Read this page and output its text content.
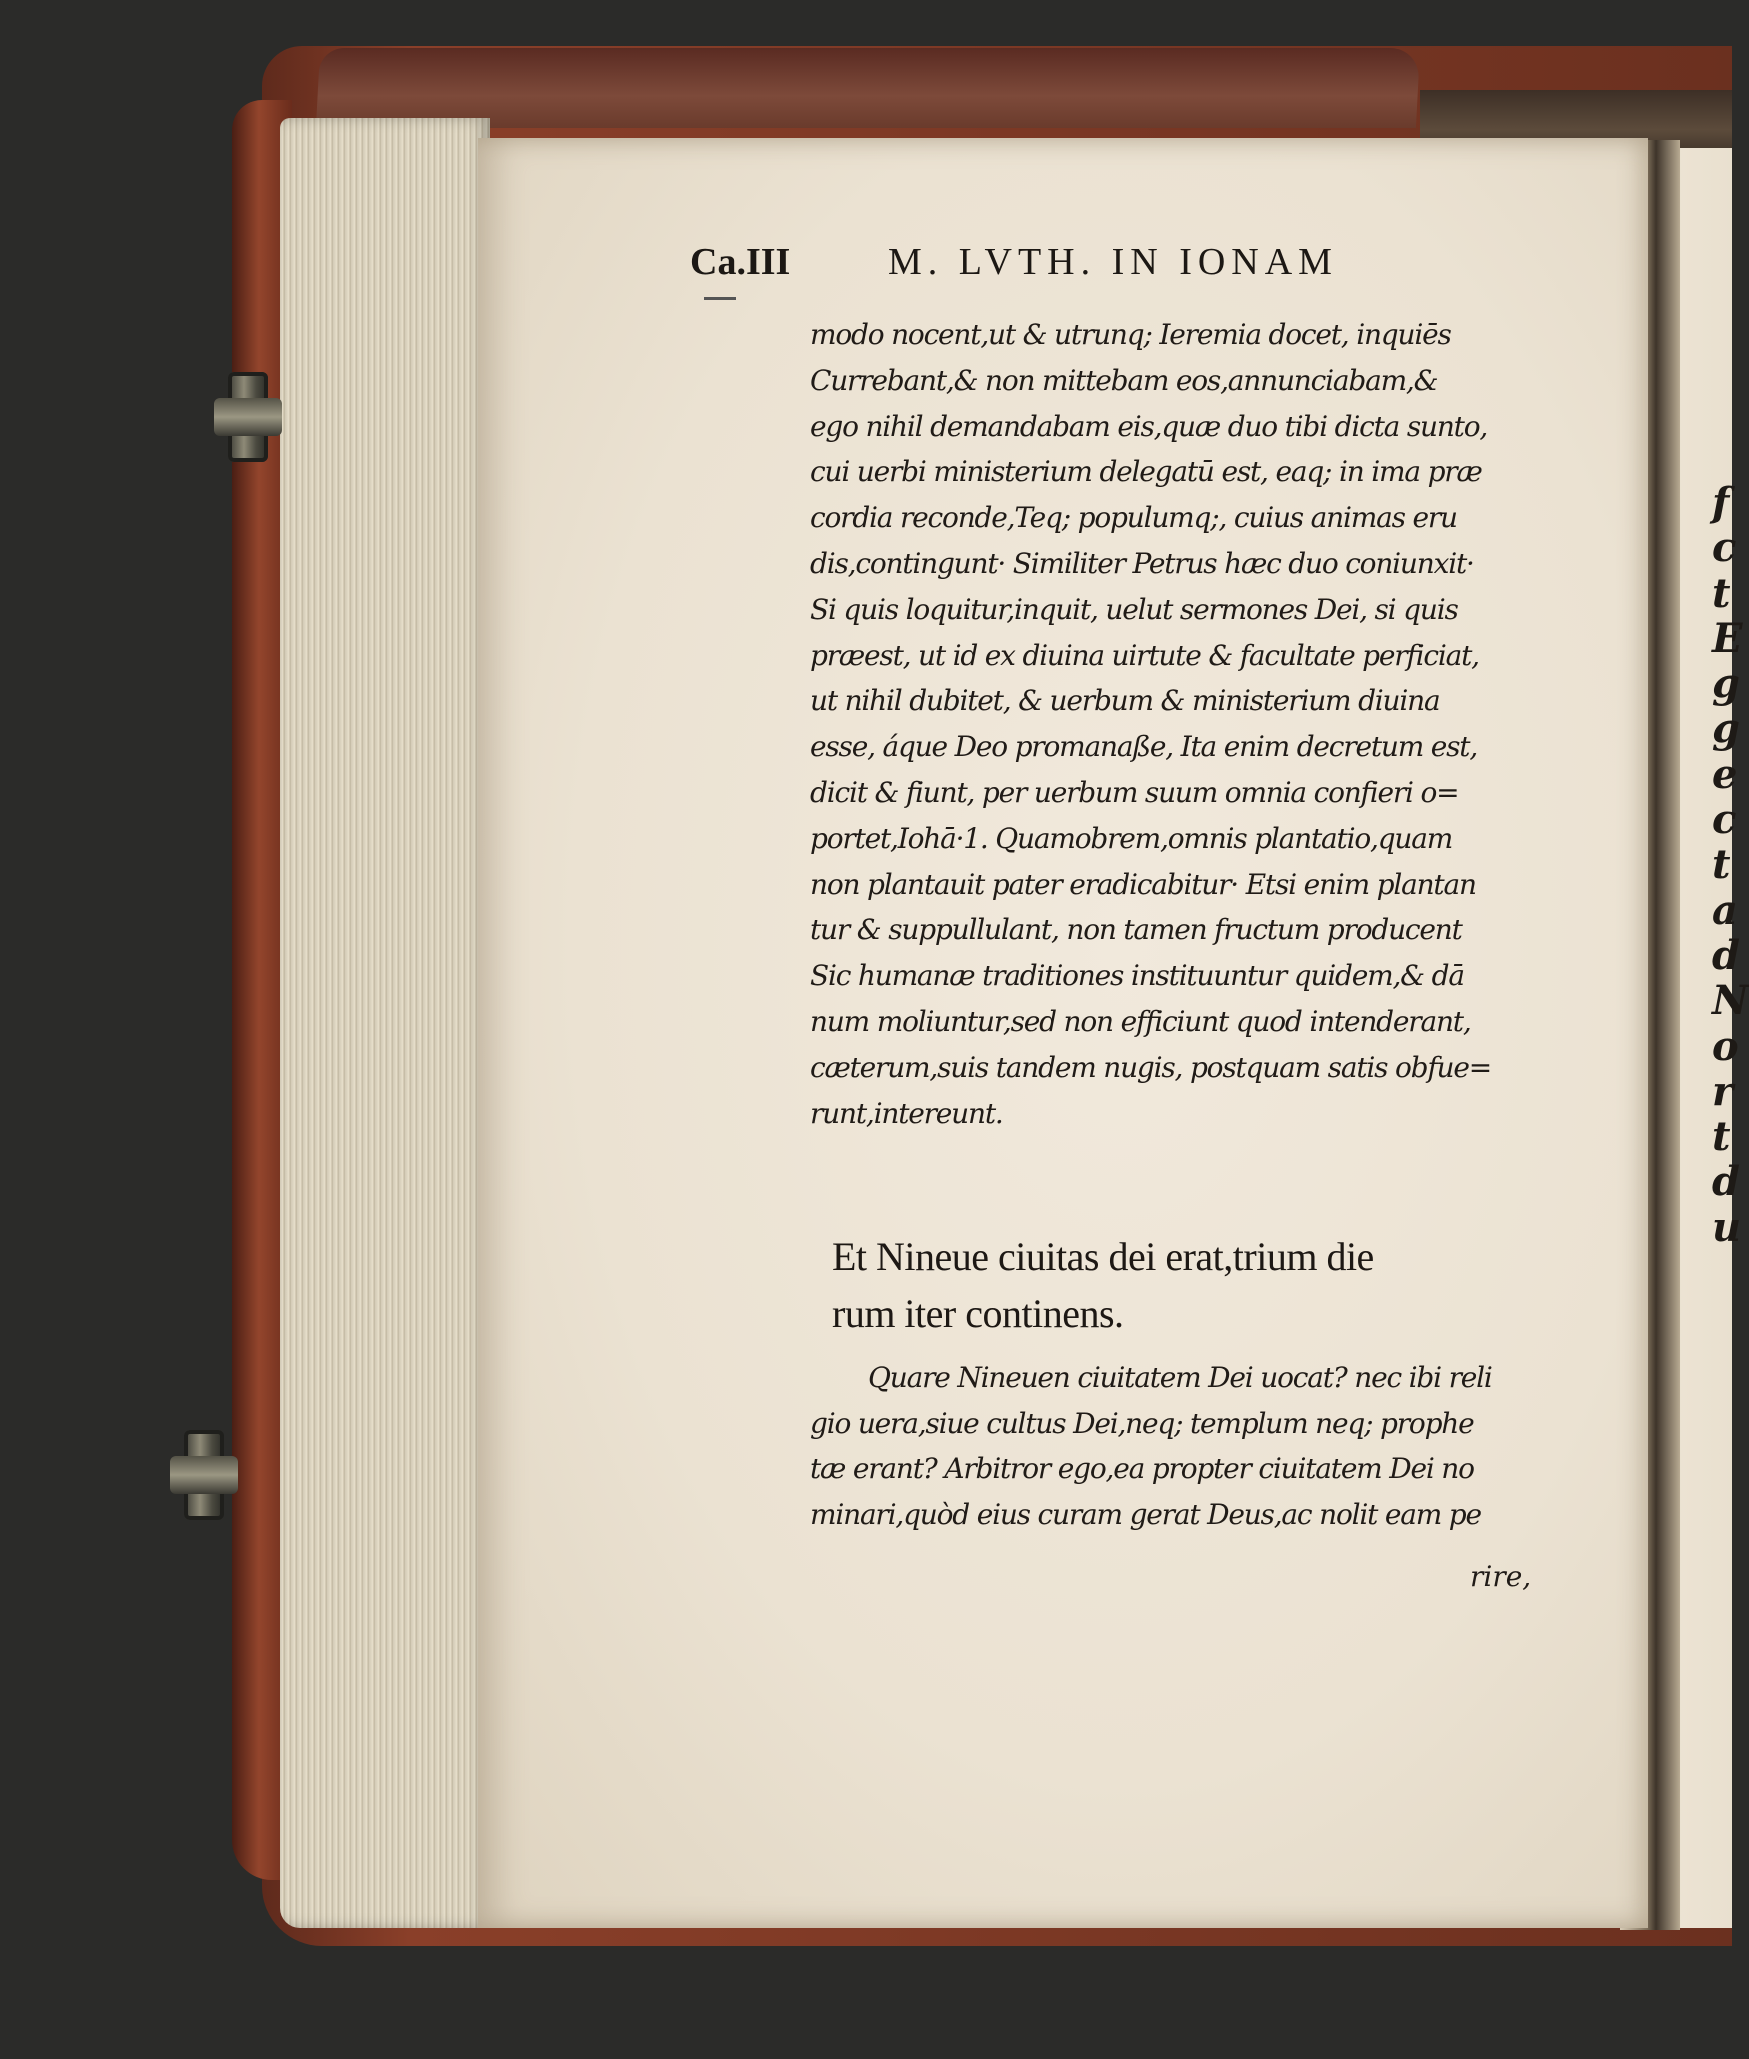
f
c
t
E
g
g
e
c
t
a
d
N
o
r
t
d
u
Ca.III	M. LVTH. IN IONAM
modo nocent,ut & utrunq; Ieremia docet, inquiēs
Currebant,& non mittebam eos,annunciabam,&
ego nihil demandabam eis,quæ duo tibi dicta sunto,
cui uerbi ministerium delegatū est, eaq; in ima præ
cordia reconde,Teq; populumq;, cuius animas eru
dis,contingunt· Similiter Petrus hæc duo coniunxit·
Si quis loquitur,inquit, uelut sermones Dei, si quis
præest, ut id ex diuina uirtute & facultate perficiat,
ut nihil dubitet, & uerbum & ministerium diuina
esse, áque Deo promanaße, Ita enim decretum est,
dicit & fiunt, per uerbum suum omnia confieri o=
portet,Iohā·1. Quamobrem,omnis plantatio,quam
non plantauit pater eradicabitur· Etsi enim plantan
tur & suppullulant, non tamen fructum producent
Sic humanæ traditiones instituuntur quidem,& dā
num moliuntur,sed non efficiunt quod intenderant,
cæterum,suis tandem nugis, postquam satis obfue=
runt,intereunt.
Et Nineue ciuitas dei erat,trium die
rum iter continens.
Quare Nineuen ciuitatem Dei uocat? nec ibi reli
gio uera,siue cultus Dei,neq; templum neq; prophe
tæ erant? Arbitror ego,ea propter ciuitatem Dei no
minari,quòd eius curam gerat Deus,ac nolit eam pe
rire,
